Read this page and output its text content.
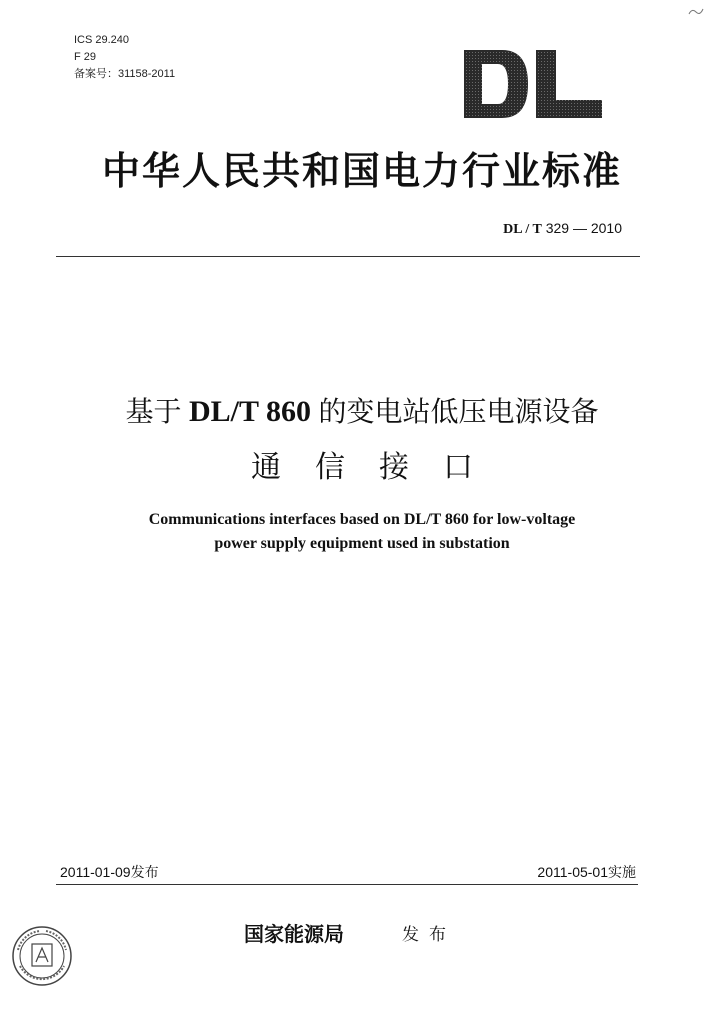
ICS 29.240
F 29
备案号：31158-2011
中华人民共和国电力行业标准
DL / T 329 — 2010
基于 DL/T 860 的变电站低压电源设备
通信接口
Communications interfaces based on DL/T 860 for low-voltage
power supply equipment used in substation
2011-01-09发布	2011-05-01实施
国家能源局	发布
